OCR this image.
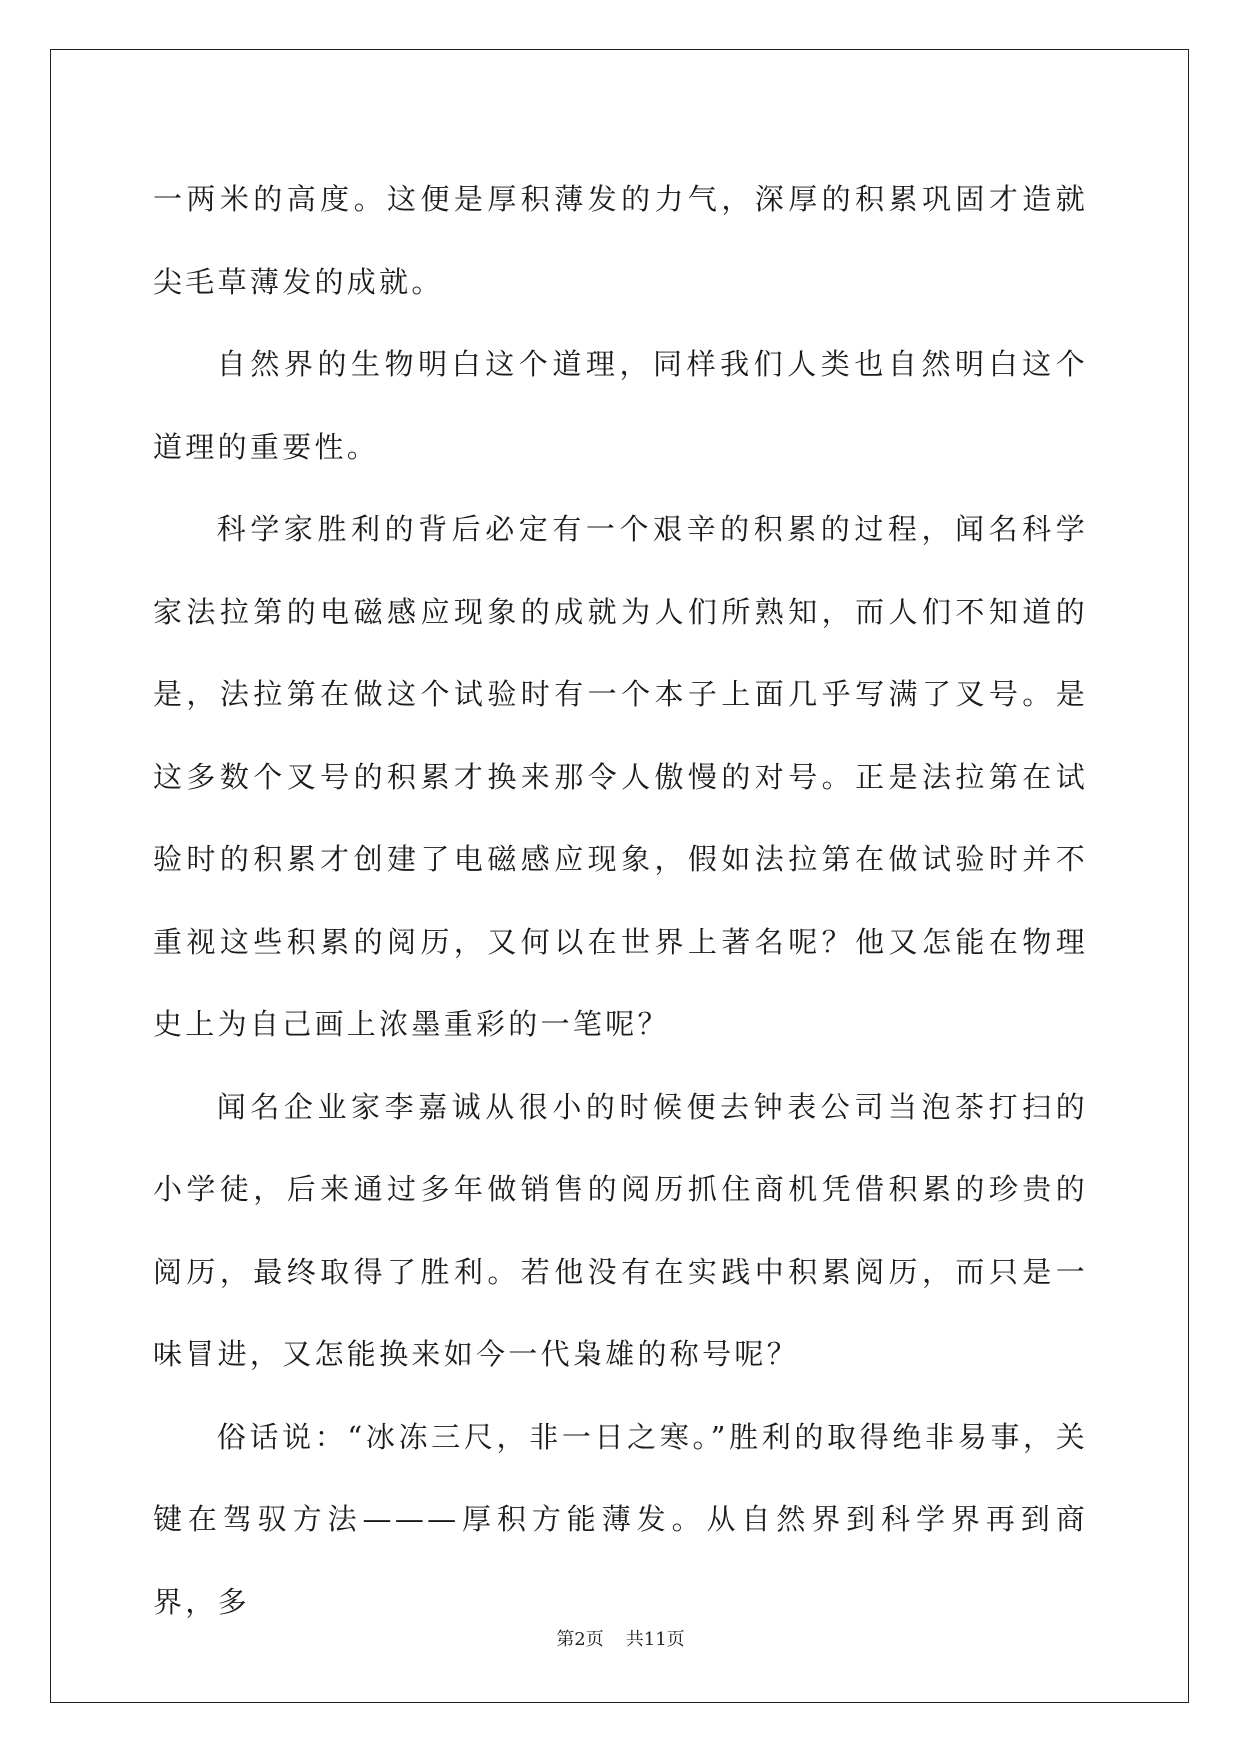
一两米的高度。这便是厚积薄发的力气，深厚的积累巩固才造就尖毛草薄发的成就。

自然界的生物明白这个道理，同样我们人类也自然明白这个道理的重要性。

科学家胜利的背后必定有一个艰辛的积累的过程，闻名科学家法拉第的电磁感应现象的成就为人们所熟知，而人们不知道的是，法拉第在做这个试验时有一个本子上面几乎写满了叉号。是这多数个叉号的积累才换来那令人傲慢的对号。正是法拉第在试验时的积累才创建了电磁感应现象，假如法拉第在做试验时并不重视这些积累的阅历，又何以在世界上著名呢？他又怎能在物理史上为自己画上浓墨重彩的一笔呢？

闻名企业家李嘉诚从很小的时候便去钟表公司当泡茶打扫的小学徒，后来通过多年做销售的阅历抓住商机凭借积累的珍贵的阅历，最终取得了胜利。若他没有在实践中积累阅历，而只是一味冒进，又怎能换来如今一代枭雄的称号呢？

俗话说：“冰冻三尺，非一日之寒。”胜利的取得绝非易事，关键在驾驭方法———厚积方能薄发。从自然界到科学界再到商界，多

第2页 共11页
